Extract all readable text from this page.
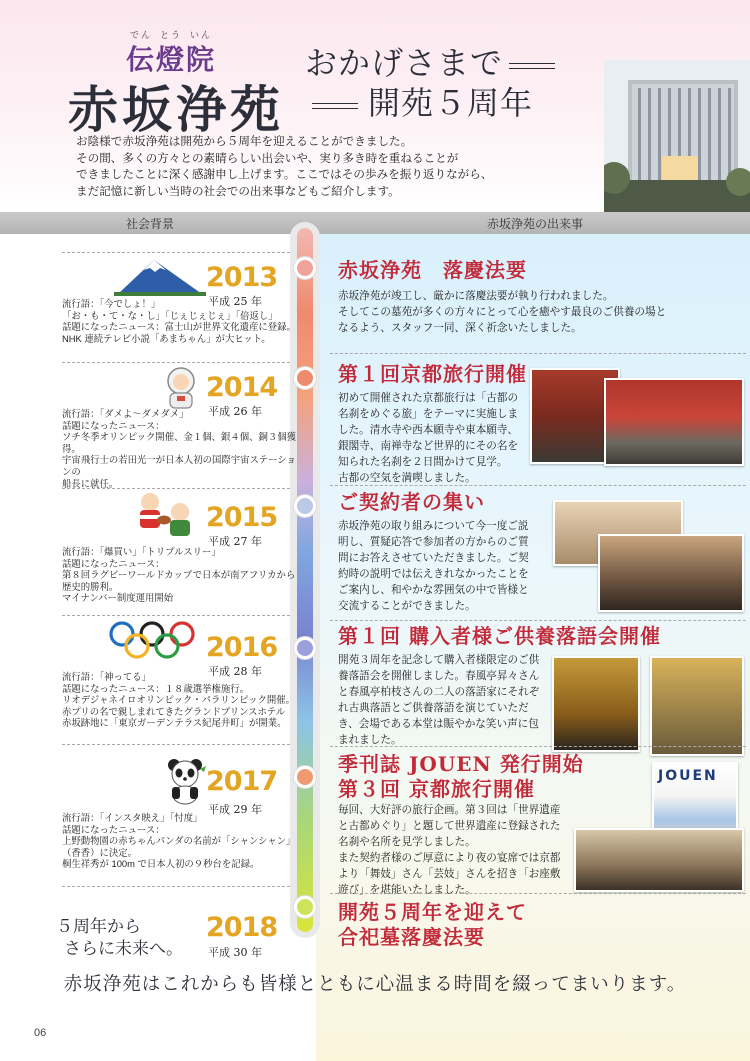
でん とう いん
伝燈院
赤坂浄苑
おかげさまで
開苑５周年
お陰様で赤坂浄苑は開苑から５周年を迎えることができました。
その間、多くの方々との素晴らしい出会いや、実り多き時を重ねることが
できましたことに深く感謝申し上げます。ここではその歩みを振り返りながら、
まだ記憶に新しい当時の社会での出来事などもご紹介します。
社会背景	赤坂浄苑の出来事
2013
平成 25 年
流行語：「今でしょ！」
「お・も・て・な・し」「じぇじぇじぇ」「倍返し」
話題になったニュース：富士山が世界文化遺産に登録。
NHK 連続テレビ小説「あまちゃん」が大ヒット。
2014
平成 26 年
流行語：「ダメよ～ダメダメ」
話題になったニュース：
ソチ冬季オリンピック開催、金１個、銀４個、銅３個獲得。
宇宙飛行士の若田光一が日本人初の国際宇宙ステーションの
船長に就任。
2015
平成 27 年
流行語：「爆買い」「トリプルスリー」
話題になったニュース：
第８回ラグビーワールドカップで日本が南アフリカから
歴史的勝利。
マイナンバー制度運用開始
2016
平成 28 年
流行語：「神ってる」
話題になったニュース：１８歳選挙権施行。
リオデジャネイロオリンピック・パラリンピック開催。
赤プリの名で親しまれてきたグランドプリンスホテル
赤坂跡地に「東京ガーデンテラス紀尾井町」が開業。
2017
平成 29 年
流行語：「インスタ映え」「忖度」
話題になったニュース：
上野動物園の赤ちゃんパンダの名前が「シャンシャン」
（香香）に決定。
桐生祥秀が 100m で日本人初の９秒台を記録。
５周年から
さらに未来へ。
2018
平成 30 年
赤坂浄苑　落慶法要
赤坂浄苑が竣工し、厳かに落慶法要が執り行われました。
そしてこの墓苑が多くの方々にとって心を癒やす最良のご供養の場と
なるよう、スタッフ一同、深く祈念いたしました。
第１回京都旅行開催
初めて開催された京都旅行は「古都の
名刹をめぐる旅」をテーマに実施しま
した。清水寺や西本願寺や東本願寺、
銀閣寺、南禅寺など世界的にその名を
知られた名刹を２日間かけて見学。
古都の空気を満喫しました。
ご契約者の集い
赤坂浄苑の取り組みについて今一度ご説
明し、質疑応答で参加者の方からのご質
問にお答えさせていただきました。ご契
約時の説明では伝えきれなかったことを
ご案内し、和やかな雰囲気の中で皆様と
交流することができました。
第１回 購入者様ご供養落語会開催
開苑３周年を記念して購入者様限定のご供
養落語会を開催しました。春風亭昇々さん
と春風亭柏枝さんの二人の落語家にそれぞ
れ古典落語とご供養落語を演じていただ
き、会場である本堂は賑やかな笑い声に包
まれました。
季刊誌 JOUEN 発行開始
第３回 京都旅行開催
毎回、大好評の旅行企画。第３回は「世界遺産
と古都めぐり」と題して世界遺産に登録された
名刹や名所を見学しました。
また契約者様のご厚意により夜の宴席では京都
より「舞妓」さん「芸妓」さんを招き「お座敷
遊び」を堪能いたしました。
JOUEN
開苑５周年を迎えて
合祀墓落慶法要
赤坂浄苑はこれからも皆様とともに心温まる時間を綴ってまいります。
06
